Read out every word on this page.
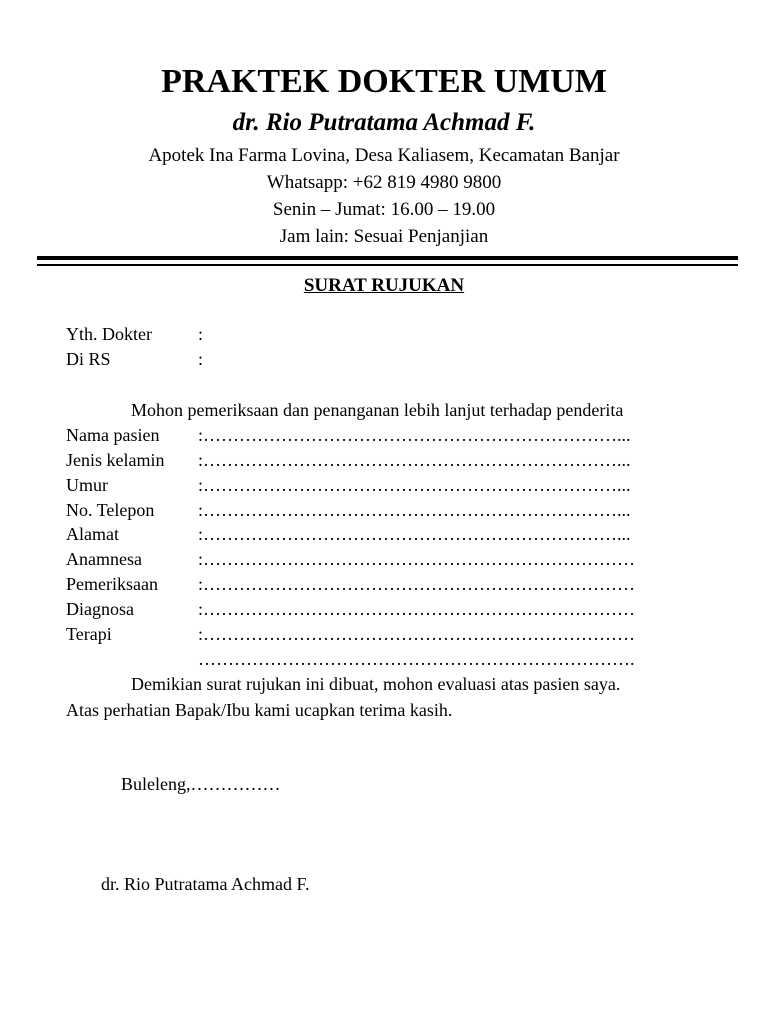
PRAKTEK DOKTER UMUM
dr. Rio Putratama Achmad F.
Apotek Ina Farma Lovina, Desa Kaliasem, Kecamatan Banjar
Whatsapp: +62 819 4980 9800
Senin – Jumat: 16.00 – 19.00
Jam lain: Sesuai Penjanjian
SURAT RUJUKAN
Yth. Dokter	:
Di RS	:
Mohon pemeriksaan dan penanganan lebih lanjut terhadap penderita
Nama pasien :……………………………………………………………...
Jenis kelamin :……………………………………………………………...
Umur	:……………………………………………………………...
No. Telepon :……………………………………………………………...
Alamat	:……………………………………………………………...
Anamnesa	:………………………………………………………………
Pemeriksaan :………………………………………………………………
Diagnosa	:………………………………………………………………
Terapi	:………………………………………………………………
……………………………………………………………….
Demikian surat rujukan ini dibuat, mohon evaluasi atas pasien saya.
Atas perhatian Bapak/Ibu kami ucapkan terima kasih.
Buleleng,……………
dr. Rio Putratama Achmad F.
